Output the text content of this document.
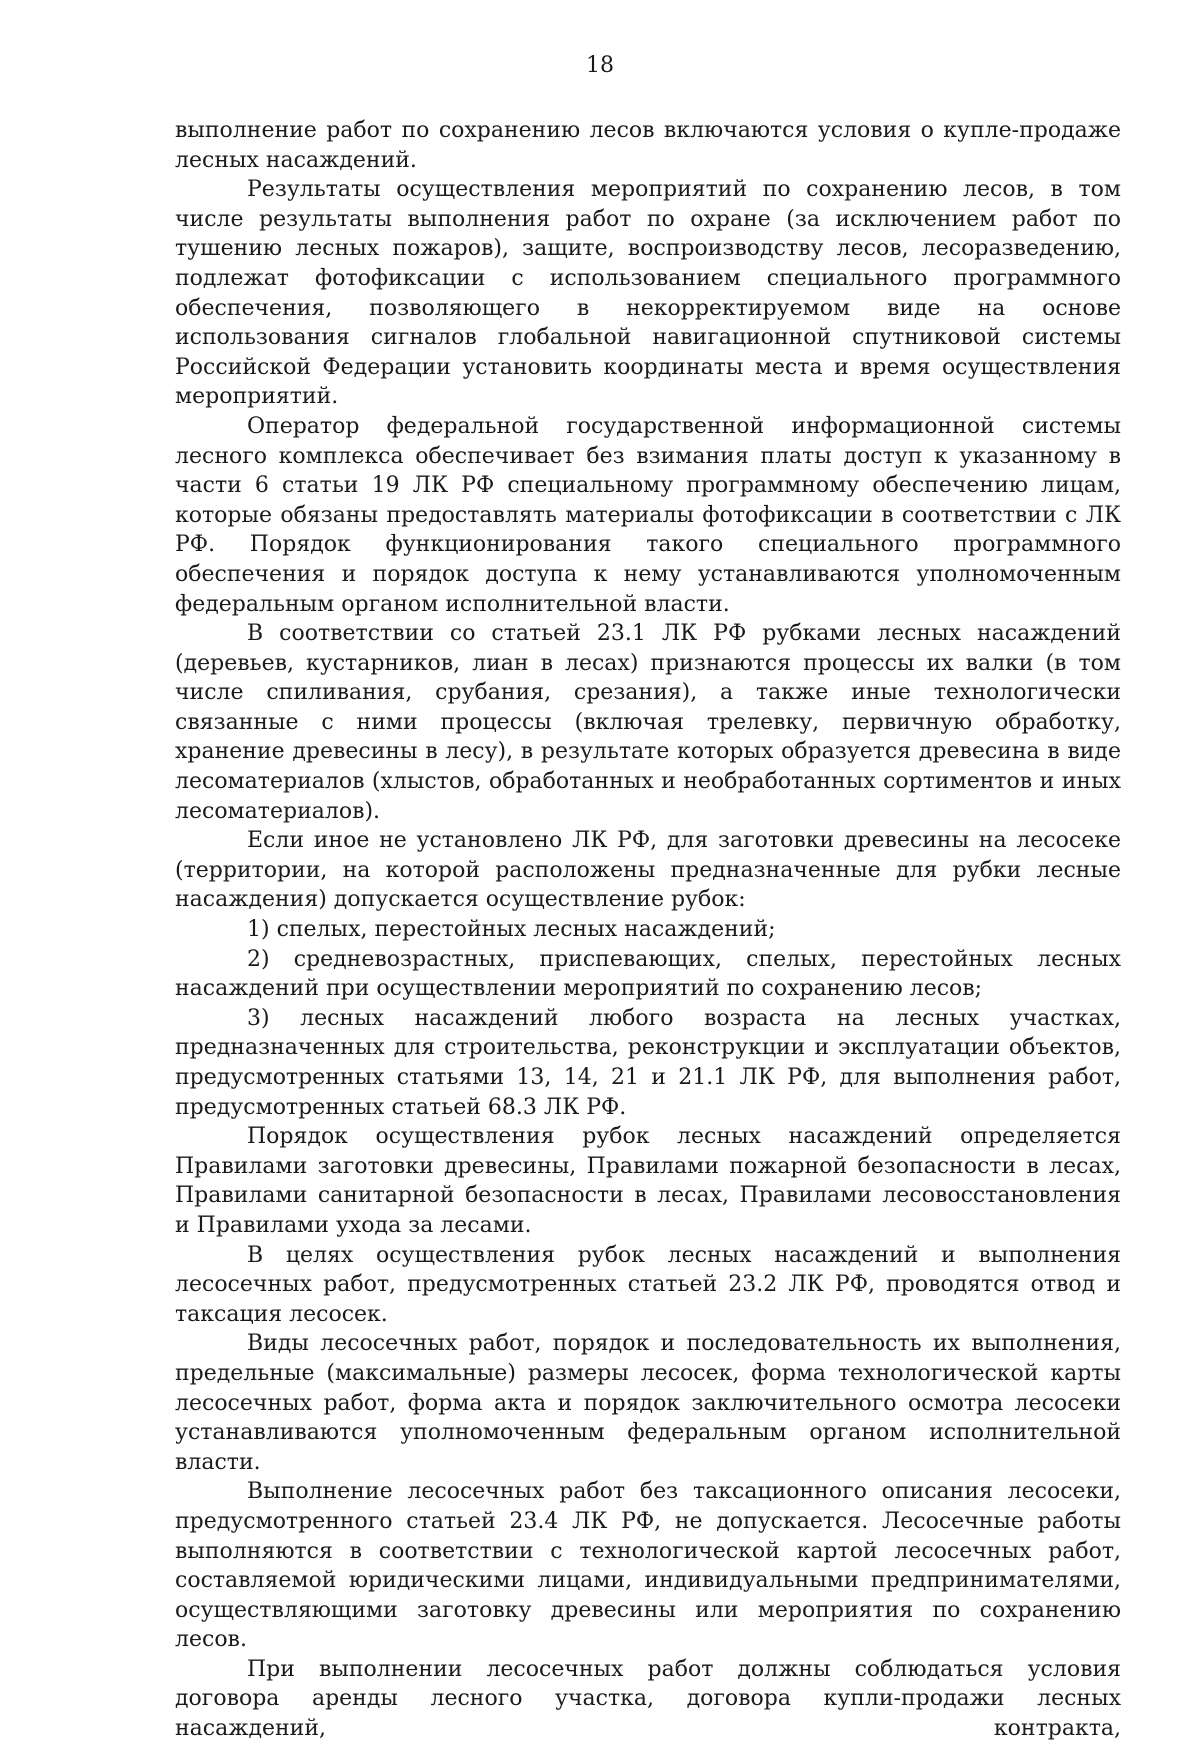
18

выполнение работ по сохранению лесов включаются условия о купле-продаже лесных насаждений.

Результаты осуществления мероприятий по сохранению лесов, в том числе результаты выполнения работ по охране (за исключением работ по тушению лесных пожаров), защите, воспроизводству лесов, лесоразведению, подлежат фотофиксации с использованием специального программного обеспечения, позволяющего в некорректируемом виде на основе использования сигналов глобальной навигационной спутниковой системы Российской Федерации установить координаты места и время осуществления мероприятий.

Оператор федеральной государственной информационной системы лесного комплекса обеспечивает без взимания платы доступ к указанному в части 6 статьи 19 ЛК РФ специальному программному обеспечению лицам, которые обязаны предоставлять материалы фотофиксации в соответствии с ЛК РФ. Порядок функционирования такого специального программного обеспечения и порядок доступа к нему устанавливаются уполномоченным федеральным органом исполнительной власти.

В соответствии со статьей 23.1 ЛК РФ рубками лесных насаждений (деревьев, кустарников, лиан в лесах) признаются процессы их валки (в том числе спиливания, срубания, срезания), а также иные технологически связанные с ними процессы (включая трелевку, первичную обработку, хранение древесины в лесу), в результате которых образуется древесина в виде лесоматериалов (хлыстов, обработанных и необработанных сортиментов и иных лесоматериалов).

Если иное не установлено ЛК РФ, для заготовки древесины на лесосеке (территории, на которой расположены предназначенные для рубки лесные насаждения) допускается осуществление рубок:

1) спелых, перестойных лесных насаждений;

2) средневозрастных, приспевающих, спелых, перестойных лесных насаждений при осуществлении мероприятий по сохранению лесов;

3) лесных насаждений любого возраста на лесных участках, предназначенных для строительства, реконструкции и эксплуатации объектов, предусмотренных статьями 13, 14, 21 и 21.1 ЛК РФ, для выполнения работ, предусмотренных статьей 68.3 ЛК РФ.

Порядок осуществления рубок лесных насаждений определяется Правилами заготовки древесины, Правилами пожарной безопасности в лесах, Правилами санитарной безопасности в лесах, Правилами лесовосстановления и Правилами ухода за лесами.

В целях осуществления рубок лесных насаждений и выполнения лесосечных работ, предусмотренных статьей 23.2 ЛК РФ, проводятся отвод и таксация лесосек.

Виды лесосечных работ, порядок и последовательность их выполнения, предельные (максимальные) размеры лесосек, форма технологической карты лесосечных работ, форма акта и порядок заключительного осмотра лесосеки устанавливаются уполномоченным федеральным органом исполнительной власти.

Выполнение лесосечных работ без таксационного описания лесосеки, предусмотренного статьей 23.4 ЛК РФ, не допускается. Лесосечные работы выполняются в соответствии с технологической картой лесосечных работ, составляемой юридическими лицами, индивидуальными предпринимателями, осуществляющими заготовку древесины или мероприятия по сохранению лесов.

При выполнении лесосечных работ должны соблюдаться условия договора аренды лесного участка, договора купли-продажи лесных насаждений, контракта,
